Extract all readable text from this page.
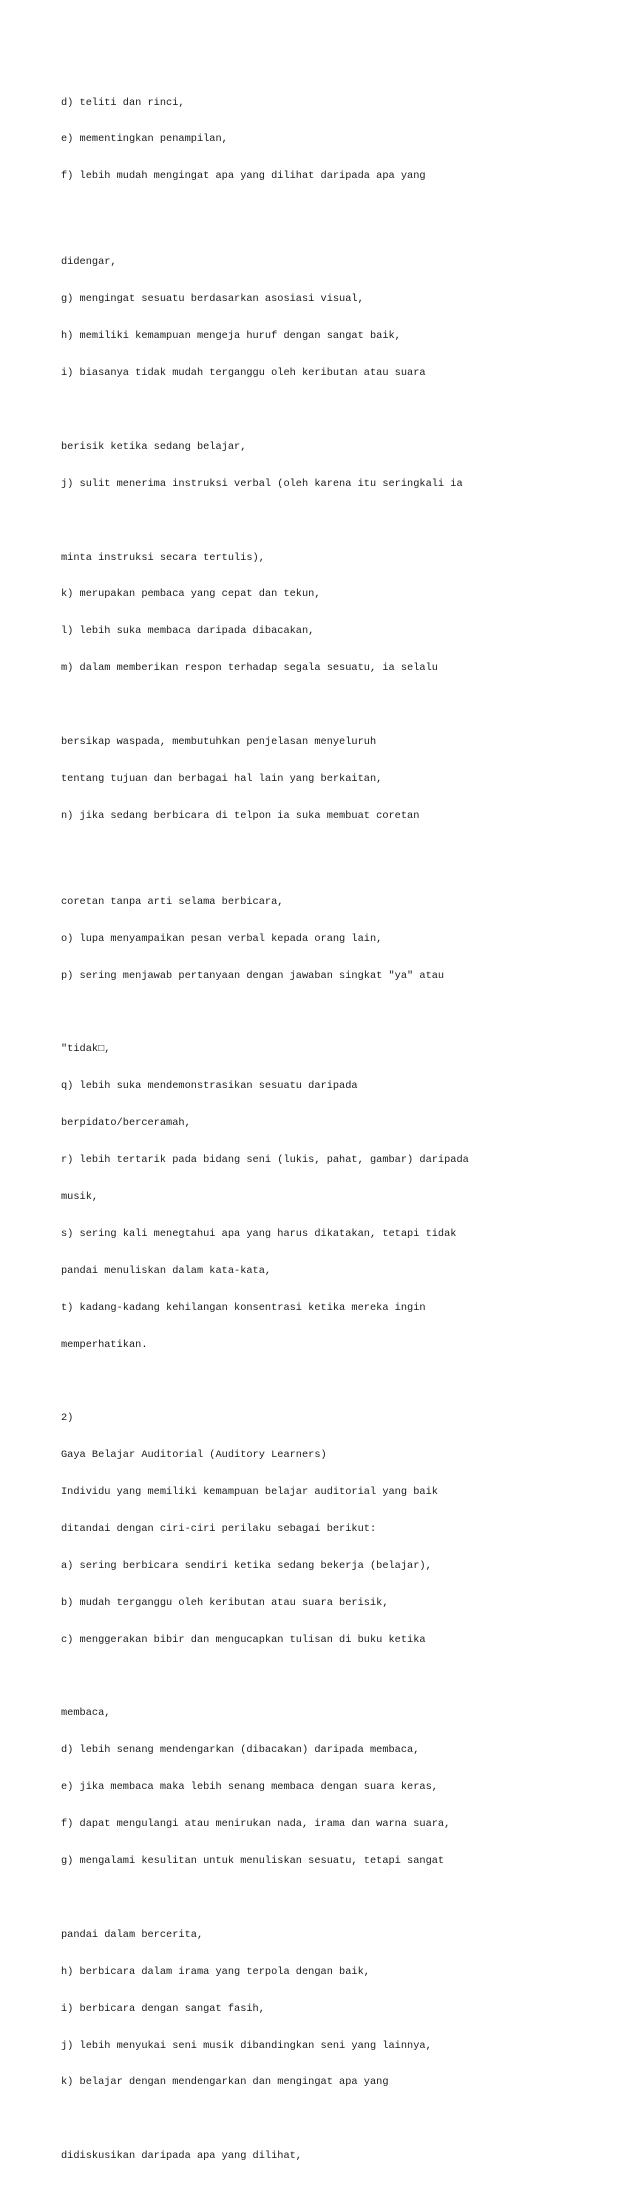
d) teliti dan rinci,

e) mementingkan penampilan,

f) lebih mudah mengingat apa yang dilihat daripada apa yang

didengar,

g) mengingat sesuatu berdasarkan asosiasi visual,

h) memiliki kemampuan mengeja huruf dengan sangat baik,

i) biasanya tidak mudah terganggu oleh keributan atau suara

berisik ketika sedang belajar,

j) sulit menerima instruksi verbal (oleh karena itu seringkali ia

minta instruksi secara tertulis),

k) merupakan pembaca yang cepat dan tekun,

l) lebih suka membaca daripada dibacakan,

m) dalam memberikan respon terhadap segala sesuatu, ia selalu

bersikap waspada, membutuhkan penjelasan menyeluruh

tentang tujuan dan berbagai hal lain yang berkaitan,

n) jika sedang berbicara di telpon ia suka membuat coretan

coretan tanpa arti selama berbicara,

o) lupa menyampaikan pesan verbal kepada orang lain,

p) sering menjawab pertanyaan dengan jawaban singkat "ya" atau

"tidak□,

q) lebih suka mendemonstrasikan sesuatu daripada

berpidato/berceramah,

r) lebih tertarik pada bidang seni (lukis, pahat, gambar) daripada

musik,

s) sering kali menegtahui apa yang harus dikatakan, tetapi tidak

pandai menuliskan dalam kata-kata,

t) kadang-kadang kehilangan konsentrasi ketika mereka ingin

memperhatikan.

2)

Gaya Belajar Auditorial (Auditory Learners)

Individu yang memiliki kemampuan belajar auditorial yang baik

ditandai dengan ciri-ciri perilaku sebagai berikut:

a) sering berbicara sendiri ketika sedang bekerja (belajar),

b) mudah terganggu oleh keributan atau suara berisik,

c) menggerakan bibir dan mengucapkan tulisan di buku ketika

membaca,

d) lebih senang mendengarkan (dibacakan) daripada membaca,

e) jika membaca maka lebih senang membaca dengan suara keras,

f) dapat mengulangi atau menirukan nada, irama dan warna suara,

g) mengalami kesulitan untuk menuliskan sesuatu, tetapi sangat

pandai dalam bercerita,

h) berbicara dalam irama yang terpola dengan baik,

i) berbicara dengan sangat fasih,

j) lebih menyukai seni musik dibandingkan seni yang lainnya,

k) belajar dengan mendengarkan dan mengingat apa yang

didiskusikan daripada apa yang dilihat,
